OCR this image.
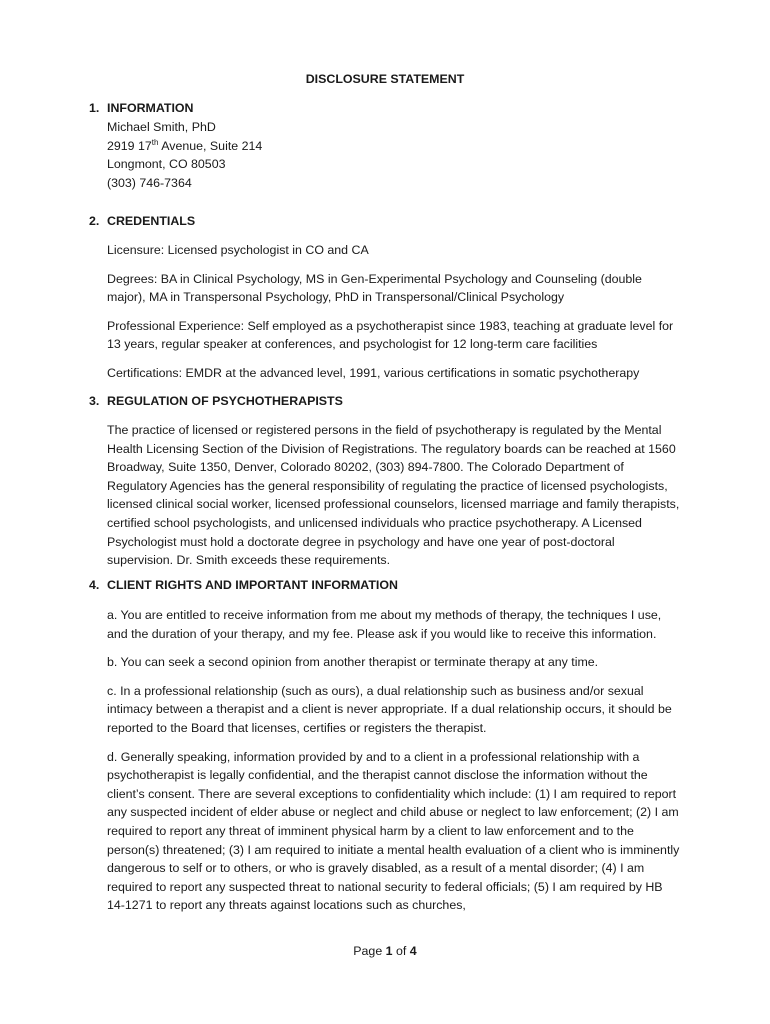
DISCLOSURE STATEMENT
1. INFORMATION
Michael Smith, PhD
2919 17th Avenue, Suite 214
Longmont, CO 80503
(303) 746-7364
2. CREDENTIALS

Licensure: Licensed psychologist in CO and CA

Degrees: BA in Clinical Psychology, MS in Gen-Experimental Psychology and Counseling (double major), MA in Transpersonal Psychology, PhD in Transpersonal/Clinical Psychology

Professional Experience: Self employed as a psychotherapist since 1983, teaching at graduate level for 13 years, regular speaker at conferences, and psychologist for 12 long-term care facilities

Certifications: EMDR at the advanced level, 1991, various certifications in somatic psychotherapy

3. REGULATION OF PSYCHOTHERAPISTS

The practice of licensed or registered persons in the field of psychotherapy is regulated by the Mental Health Licensing Section of the Division of Registrations. The regulatory boards can be reached at 1560 Broadway, Suite 1350, Denver, Colorado 80202, (303) 894-7800. The Colorado Department of Regulatory Agencies has the general responsibility of regulating the practice of licensed psychologists, licensed clinical social worker, licensed professional counselors, licensed marriage and family therapists, certified school psychologists, and unlicensed individuals who practice psychotherapy. A Licensed Psychologist must hold a doctorate degree in psychology and have one year of post-doctoral supervision. Dr. Smith exceeds these requirements.

4. CLIENT RIGHTS AND IMPORTANT INFORMATION

a. You are entitled to receive information from me about my methods of therapy, the techniques I use, and the duration of your therapy, and my fee. Please ask if you would like to receive this information.

b. You can seek a second opinion from another therapist or terminate therapy at any time.

c. In a professional relationship (such as ours), a dual relationship such as business and/or sexual intimacy between a therapist and a client is never appropriate. If a dual relationship occurs, it should be reported to the Board that licenses, certifies or registers the therapist.

d. Generally speaking, information provided by and to a client in a professional relationship with a psychotherapist is legally confidential, and the therapist cannot disclose the information without the client’s consent. There are several exceptions to confidentiality which include: (1) I am required to report any suspected incident of elder abuse or neglect and child abuse or neglect to law enforcement; (2) I am required to report any threat of imminent physical harm by a client to law enforcement and to the person(s) threatened; (3) I am required to initiate a mental health evaluation of a client who is imminently dangerous to self or to others, or who is gravely disabled, as a result of a mental disorder; (4) I am required to report any suspected threat to national security to federal officials; (5) I am required by HB 14-1271 to report any threats against locations such as churches,

Page 1 of 4
